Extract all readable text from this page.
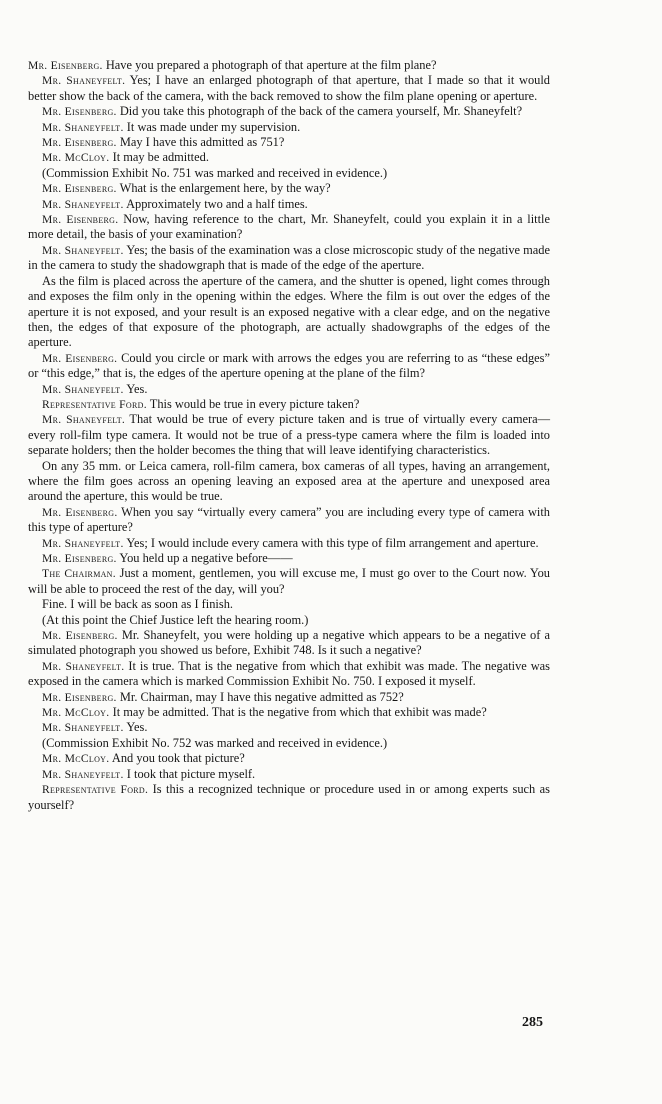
Mr. Eisenberg. Have you prepared a photograph of that aperture at the film plane?

Mr. Shaneyfelt. Yes; I have an enlarged photograph of that aperture, that I made so that it would better show the back of the camera, with the back removed to show the film plane opening or aperture.

Mr. Eisenberg. Did you take this photograph of the back of the camera yourself, Mr. Shaneyfelt?

Mr. Shaneyfelt. It was made under my supervision.

Mr. Eisenberg. May I have this admitted as 751?

Mr. McCloy. It may be admitted.

(Commission Exhibit No. 751 was marked and received in evidence.)

Mr. Eisenberg. What is the enlargement here, by the way?

Mr. Shaneyfelt. Approximately two and a half times.

Mr. Eisenberg. Now, having reference to the chart, Mr. Shaneyfelt, could you explain it in a little more detail, the basis of your examination?

Mr. Shaneyfelt. Yes; the basis of the examination was a close microscopic study of the negative made in the camera to study the shadowgraph that is made of the edge of the aperture.

As the film is placed across the aperture of the camera, and the shutter is opened, light comes through and exposes the film only in the opening within the edges. Where the film is out over the edges of the aperture it is not exposed, and your result is an exposed negative with a clear edge, and on the negative then, the edges of that exposure of the photograph, are actually shadowgraphs of the edges of the aperture.

Mr. Eisenberg. Could you circle or mark with arrows the edges you are referring to as “these edges” or “this edge,” that is, the edges of the aperture opening at the plane of the film?

Mr. Shaneyfelt. Yes.

Representative Ford. This would be true in every picture taken?

Mr. Shaneyfelt. That would be true of every picture taken and is true of virtually every camera—every roll-film type camera. It would not be true of a press-type camera where the film is loaded into separate holders; then the holder becomes the thing that will leave identifying characteristics.

On any 35 mm. or Leica camera, roll-film camera, box cameras of all types, having an arrangement, where the film goes across an opening leaving an exposed area at the aperture and unexposed area around the aperture, this would be true.

Mr. Eisenberg. When you say “virtually every camera” you are including every type of camera with this type of aperture?

Mr. Shaneyfelt. Yes; I would include every camera with this type of film arrangement and aperture.

Mr. Eisenberg. You held up a negative before——

The Chairman. Just a moment, gentlemen, you will excuse me, I must go over to the Court now. You will be able to proceed the rest of the day, will you?

Fine. I will be back as soon as I finish.

(At this point the Chief Justice left the hearing room.)

Mr. Eisenberg. Mr. Shaneyfelt, you were holding up a negative which appears to be a negative of a simulated photograph you showed us before, Exhibit 748. Is it such a negative?

Mr. Shaneyfelt. It is true. That is the negative from which that exhibit was made. The negative was exposed in the camera which is marked Commission Exhibit No. 750. I exposed it myself.

Mr. Eisenberg. Mr. Chairman, may I have this negative admitted as 752?

Mr. McCloy. It may be admitted. That is the negative from which that exhibit was made?

Mr. Shaneyfelt. Yes.

(Commission Exhibit No. 752 was marked and received in evidence.)

Mr. McCloy. And you took that picture?

Mr. Shaneyfelt. I took that picture myself.

Representative Ford. Is this a recognized technique or procedure used in or among experts such as yourself?

285
